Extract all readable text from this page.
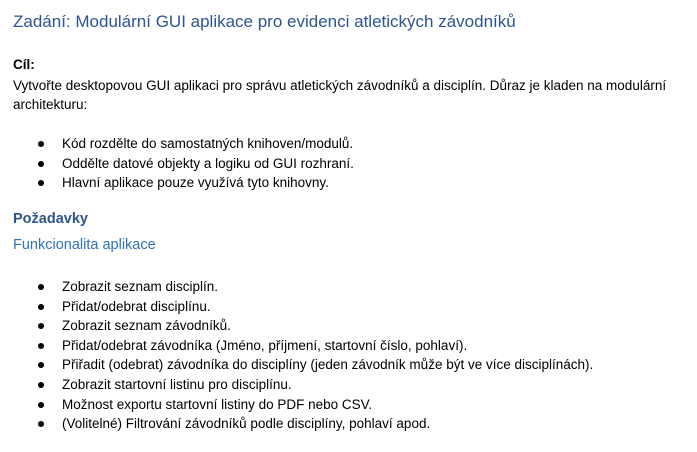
Zadání: Modulární GUI aplikace pro evidenci atletických závodníků

Cíl:

Vytvořte desktopovou GUI aplikaci pro správu atletických závodníků a disciplín. Důraz je kladen na modulární architekturu:

Kód rozdělte do samostatných knihoven/modulů.
Oddělte datové objekty a logiku od GUI rozhraní.
Hlavní aplikace pouze využívá tyto knihovny.
Požadavky
Funkcionalita aplikace
Zobrazit seznam disciplín.
Přidat/odebrat disciplínu.
Zobrazit seznam závodníků.
Přidat/odebrat závodníka (Jméno, příjmení, startovní číslo, pohlaví).
Přiřadit (odebrat) závodníka do disciplíny (jeden závodník může být ve více disciplínách).
Zobrazit startovní listinu pro disciplínu.
Možnost exportu startovní listiny do PDF nebo CSV.
(Volitelné) Filtrování závodníků podle disciplíny, pohlaví apod.
